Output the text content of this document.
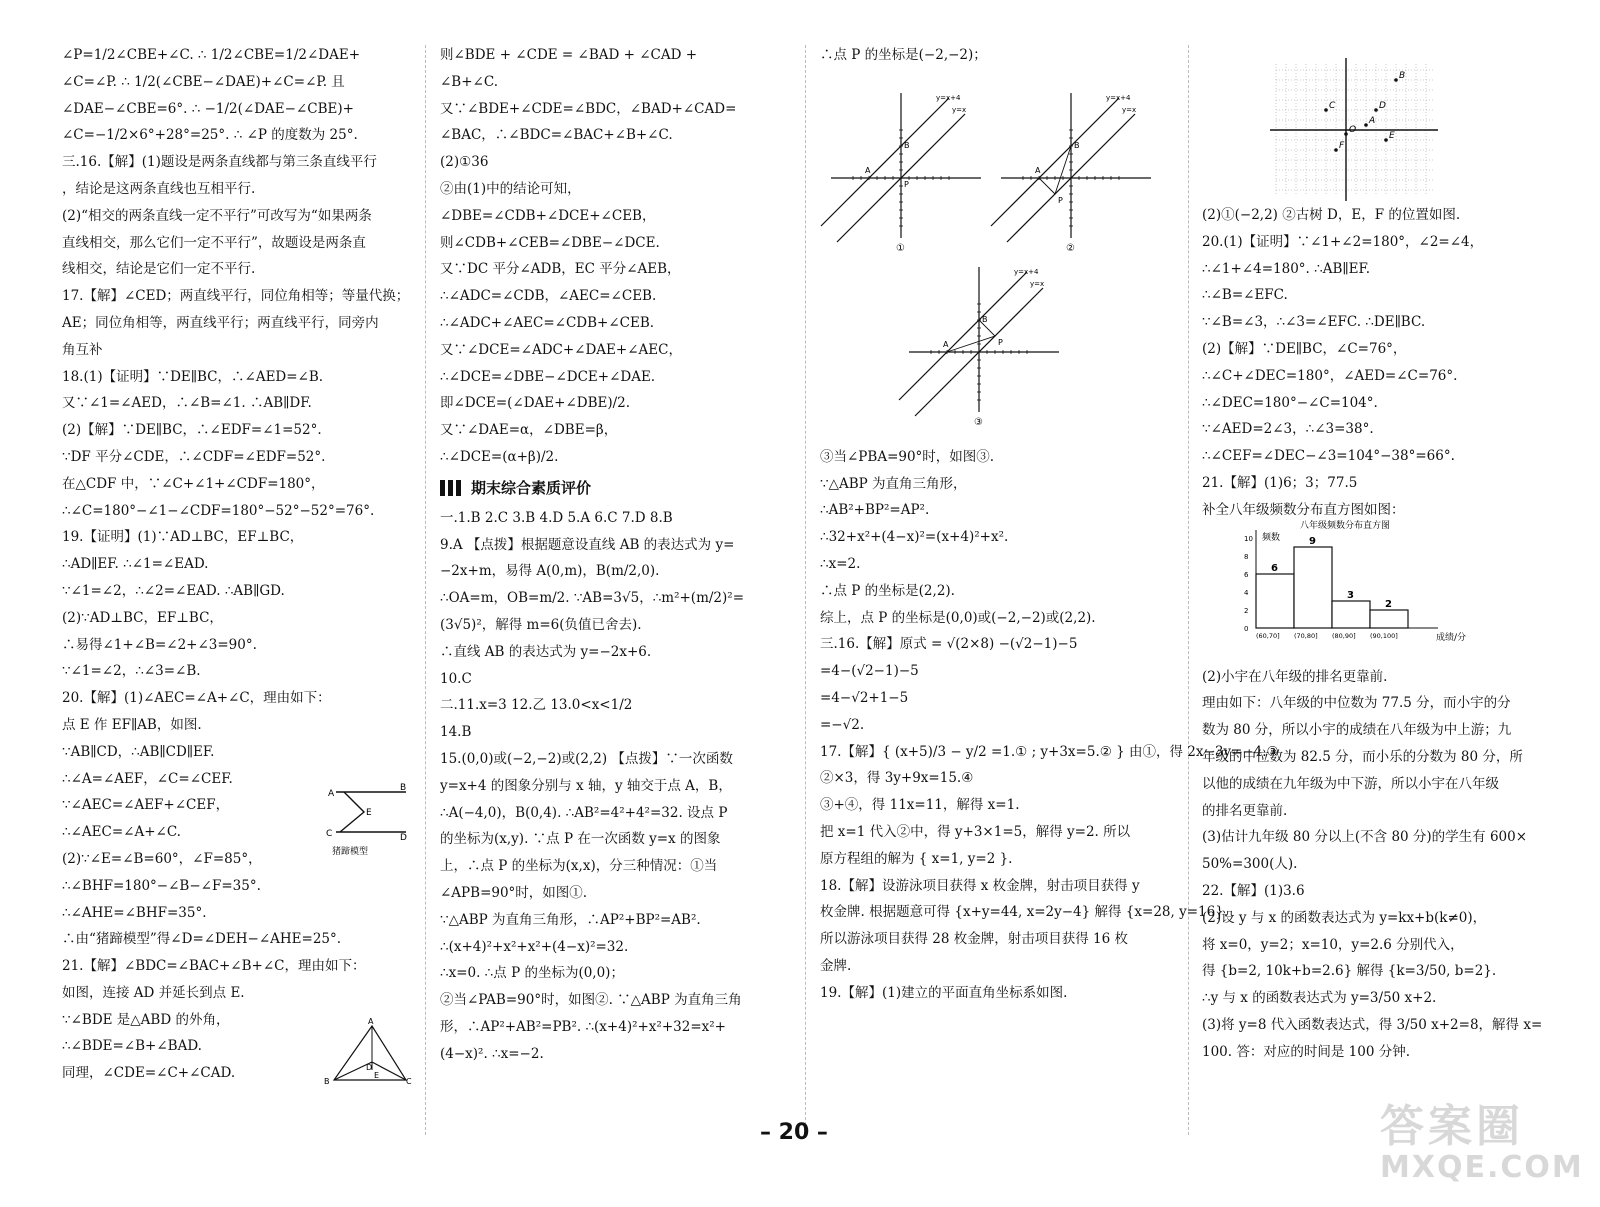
∠P=1/2∠CBE+∠C. ∴ 1/2∠CBE=1/2∠DAE+
∠C=∠P. ∴ 1/2(∠CBE−∠DAE)+∠C=∠P. 且
∠DAE−∠CBE=6°. ∴ −1/2(∠DAE−∠CBE)+
∠C=−1/2×6°+28°=25°. ∴ ∠P 的度数为 25°.
三.16.【解】(1)题设是两条直线都与第三条直线平行
，结论是这两条直线也互相平行.
(2)“相交的两条直线一定不平行”可改写为“如果两条
直线相交，那么它们一定不平行”，故题设是两条直
线相交，结论是它们一定不平行.
17.【解】∠CED；两直线平行，同位角相等；等量代换；
AE；同位角相等，两直线平行；两直线平行，同旁内
角互补
18.(1)【证明】∵DE∥BC，∴∠AED=∠B.
又∵∠1=∠AED，∴∠B=∠1. ∴AB∥DF.
(2)【解】∵DE∥BC，∴∠EDF=∠1=52°.
∵DF 平分∠CDE，∴∠CDF=∠EDF=52°.
在△CDF 中，∵∠C+∠1+∠CDF=180°，
∴∠C=180°−∠1−∠CDF=180°−52°−52°=76°.
19.【证明】(1)∵AD⊥BC，EF⊥BC，
∴AD∥EF. ∴∠1=∠EAD.
∵∠1=∠2，∴∠2=∠EAD. ∴AB∥GD.
(2)∵AD⊥BC，EF⊥BC，
∴易得∠1+∠B=∠2+∠3=90°.
∵∠1=∠2，∴∠3=∠B.
20.【解】(1)∠AEC=∠A+∠C，理由如下：
点 E 作 EF∥AB，如图.
∵AB∥CD，∴AB∥CD∥EF.
∴∠A=∠AEF，∠C=∠CEF.
∵∠AEC=∠AEF+∠CEF，
∴∠AEC=∠A+∠C.
(2)∵∠E=∠B=60°，∠F=85°，
∴∠BHF=180°−∠B−∠F=35°.
∴∠AHE=∠BHF=35°.
∴由“猪蹄模型”得∠D=∠DEH−∠AHE=25°.
21.【解】∠BDC=∠BAC+∠B+∠C，理由如下：
如图，连接 AD 并延长到点 E.
∵∠BDE 是△ABD 的外角，
∴∠BDE=∠B+∠BAD.
同理，∠CDE=∠C+∠CAD.
A
B
E
C	D
猪蹄模型
A
B	C
D
E
则∠BDE + ∠CDE = ∠BAD + ∠CAD +
∠B+∠C.
又∵∠BDE+∠CDE=∠BDC，∠BAD+∠CAD=
∠BAC，∴∠BDC=∠BAC+∠B+∠C.
(2)①36
②由(1)中的结论可知，
∠DBE=∠CDB+∠DCE+∠CEB，
则∠CDB+∠CEB=∠DBE−∠DCE.
又∵DC 平分∠ADB，EC 平分∠AEB，
∴∠ADC=∠CDB，∠AEC=∠CEB.
∴∠ADC+∠AEC=∠CDB+∠CEB.
又∵∠DCE=∠ADC+∠DAE+∠AEC，
∴∠DCE=∠DBE−∠DCE+∠DAE.
即∠DCE=(∠DAE+∠DBE)/2.
又∵∠DAE=α，∠DBE=β，
∴∠DCE=(α+β)/2.
期末综合素质评价
一.1.B 2.C 3.B 4.D 5.A 6.C 7.D 8.B
9.A 【点拨】根据题意设直线 AB 的表达式为 y=
−2x+m，易得 A(0,m)，B(m/2,0).
∴OA=m，OB=m/2. ∵AB=3√5，∴m²+(m/2)²=
(3√5)²，解得 m=6(负值已舍去).
∴直线 AB 的表达式为 y=−2x+6.
10.C
二.11.x=3 12.乙 13.0<x<1/2
14.B
15.(0,0)或(−2,−2)或(2,2) 【点拨】∵一次函数
y=x+4 的图象分别与 x 轴，y 轴交于点 A，B，
∴A(−4,0)，B(0,4). ∴AB²=4²+4²=32. 设点 P
的坐标为(x,y). ∵点 P 在一次函数 y=x 的图象
上，∴点 P 的坐标为(x,x)，分三种情况：①当
∠APB=90°时，如图①.
∵△ABP 为直角三角形，∴AP²+BP²=AB².
∴(x+4)²+x²+x²+(4−x)²=32.
∴x=0. ∴点 P 的坐标为(0,0)；
②当∠PAB=90°时，如图②. ∵△ABP 为直角三角
形，∴AP²+AB²=PB². ∴(x+4)²+x²+32=x²+
(4−x)². ∴x=−2.
∴点 P 的坐标是(−2,−2)；
③当∠PBA=90°时，如图③.
∵△ABP 为直角三角形，
∴AB²+BP²=AP².
∴32+x²+(4−x)²=(x+4)²+x².
∴x=2.
∴点 P 的坐标是(2,2).
综上，点 P 的坐标是(0,0)或(−2,−2)或(2,2).
三.16.【解】原式 = √(2×8) −(√2−1)−5
=4−(√2−1)−5
=4−√2+1−5
=−√2.
17.【解】{ (x+5)/3 − y/2 =1.① ; y+3x=5.② } 由①，得 2x−3y=−4.③
②×3，得 3y+9x=15.④
③+④，得 11x=11，解得 x=1.
把 x=1 代入②中，得 y+3×1=5，解得 y=2. 所以
原方程组的解为 { x=1, y=2 }.
18.【解】设游泳项目获得 x 枚金牌，射击项目获得 y
枚金牌. 根据题意可得 {x+y=44, x=2y−4} 解得 {x=28, y=16}.
所以游泳项目获得 28 枚金牌，射击项目获得 16 枚
金牌.
19.【解】(1)建立的平面直角坐标系如图.
y=x+4
y=x
A
B
P
①
y=x+4
y=x
A
B
P
②
y=x+4
y=x
A
B
P
③
(2)①(−2,2) ②古树 D，E，F 的位置如图.
20.(1)【证明】∵∠1+∠2=180°，∠2=∠4，
∴∠1+∠4=180°. ∴AB∥EF.
∴∠B=∠EFC.
∵∠B=∠3，∴∠3=∠EFC. ∴DE∥BC.
(2)【解】∵DE∥BC，∠C=76°，
∴∠C+∠DEC=180°，∠AED=∠C=76°.
∴∠DEC=180°−∠C=104°.
∵∠AED=2∠3，∴∠3=38°.
∴∠CEF=∠DEC−∠3=104°−38°=66°.
21.【解】(1)6；3；77.5
补全八年级频数分布直方图如图：
(2)小宇在八年级的排名更靠前.
理由如下：八年级的中位数为 77.5 分，而小宇的分
数为 80 分，所以小宇的成绩在八年级为中上游；九
年级的中位数为 82.5 分，而小乐的分数为 80 分，所
以他的成绩在九年级为中下游，所以小宇在八年级
的排名更靠前.
(3)估计九年级 80 分以上(不含 80 分)的学生有 600×
50%=300(人).
22.【解】(1)3.6
(2)设 y 与 x 的函数表达式为 y=kx+b(k≠0)，
将 x=0，y=2；x=10，y=2.6 分别代入，
得 {b=2, 10k+b=2.6} 解得 {k=3/50, b=2}.
∴y 与 x 的函数表达式为 y=3/50 x+2.
(3)将 y=8 代入函数表达式，得 3/50 x+2=8，解得 x=
100. 答：对应的时间是 100 分钟.
B
C	D
A
O
F
E
八年级频数分布直方图
频数
成绩/分
10
8
6
4
2
0
6
(60,70]
9
(70,80]
3
(80,90]
2
(90,100]
– 20 –	答案圈
MXQE.COM
